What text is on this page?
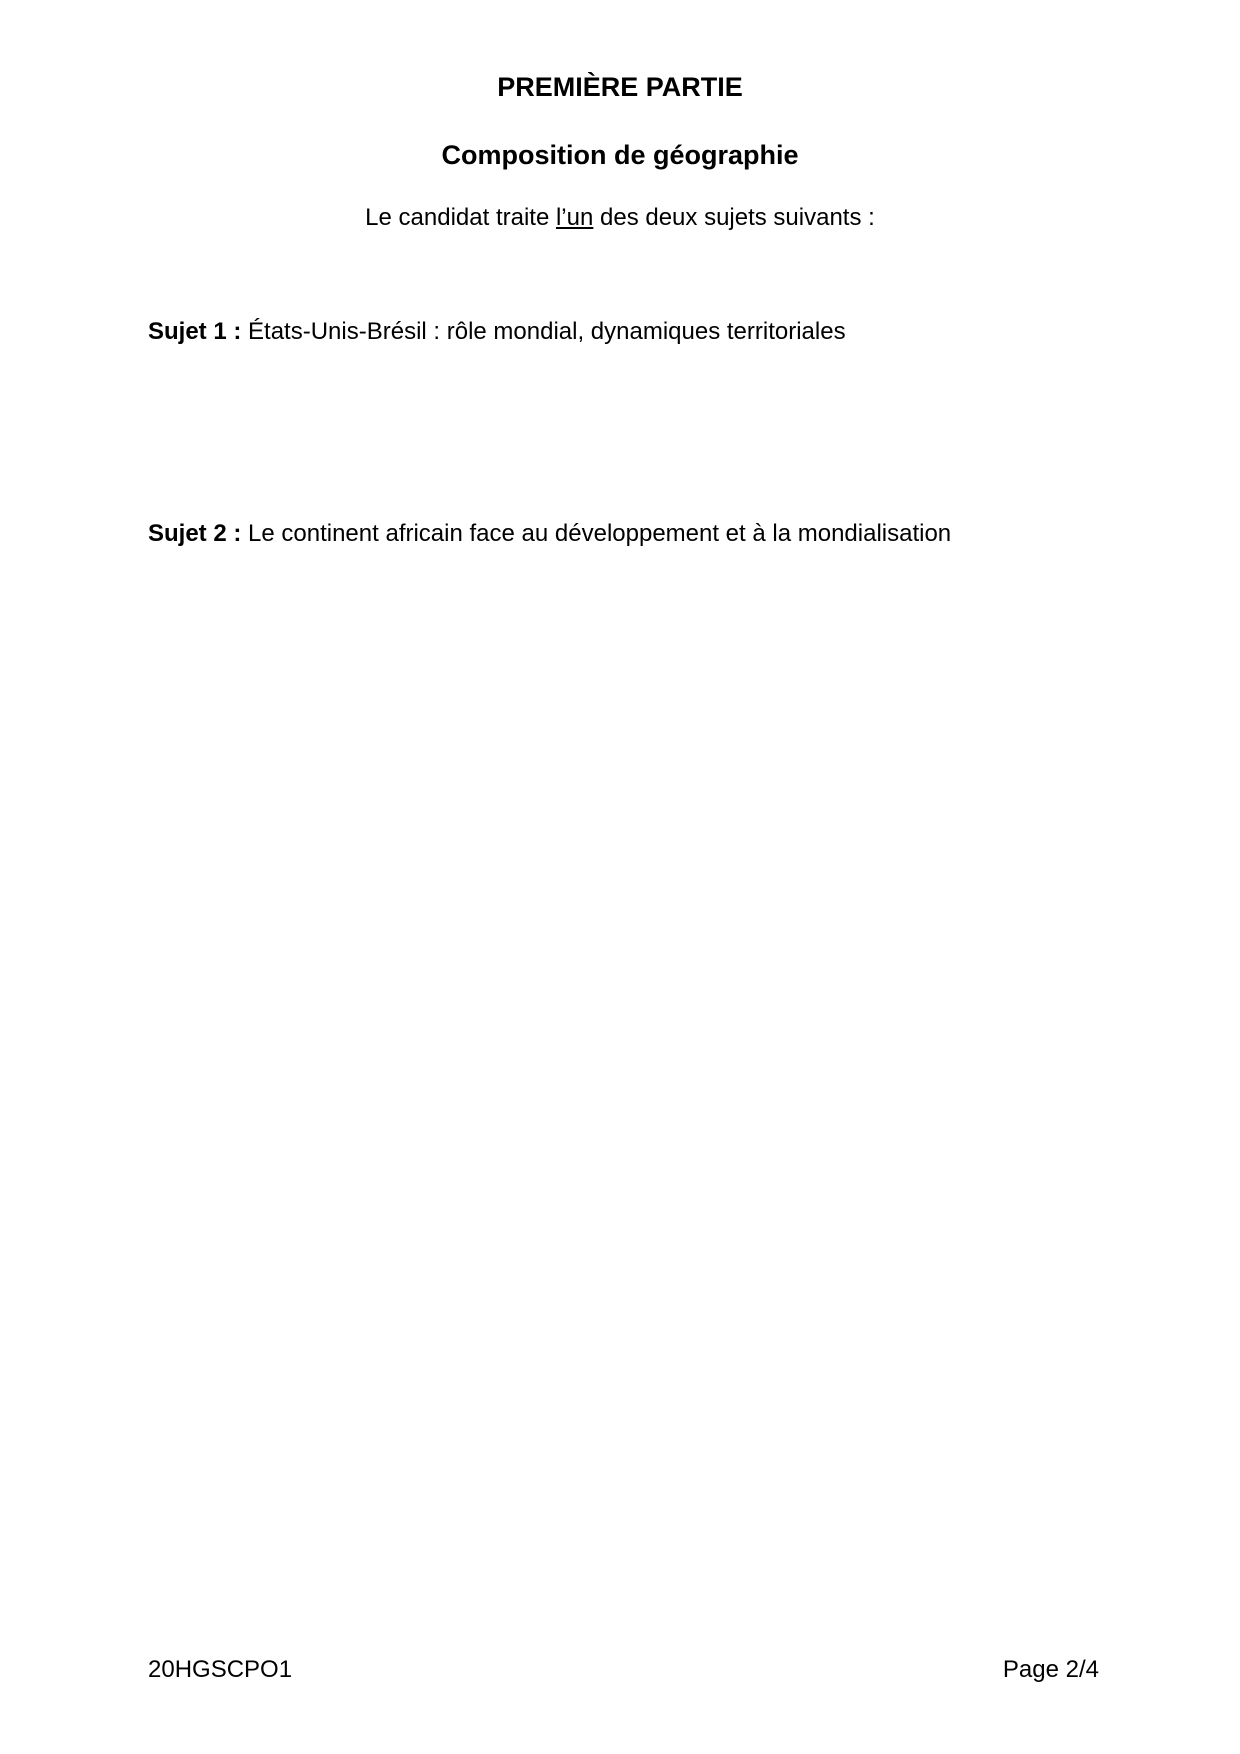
PREMIÈRE PARTIE
Composition de géographie
Le candidat traite l’un des deux sujets suivants :
Sujet 1 : États-Unis-Brésil : rôle mondial, dynamiques territoriales
Sujet 2 : Le continent africain face au développement et à la mondialisation
20HGSCPO1	Page 2/4
